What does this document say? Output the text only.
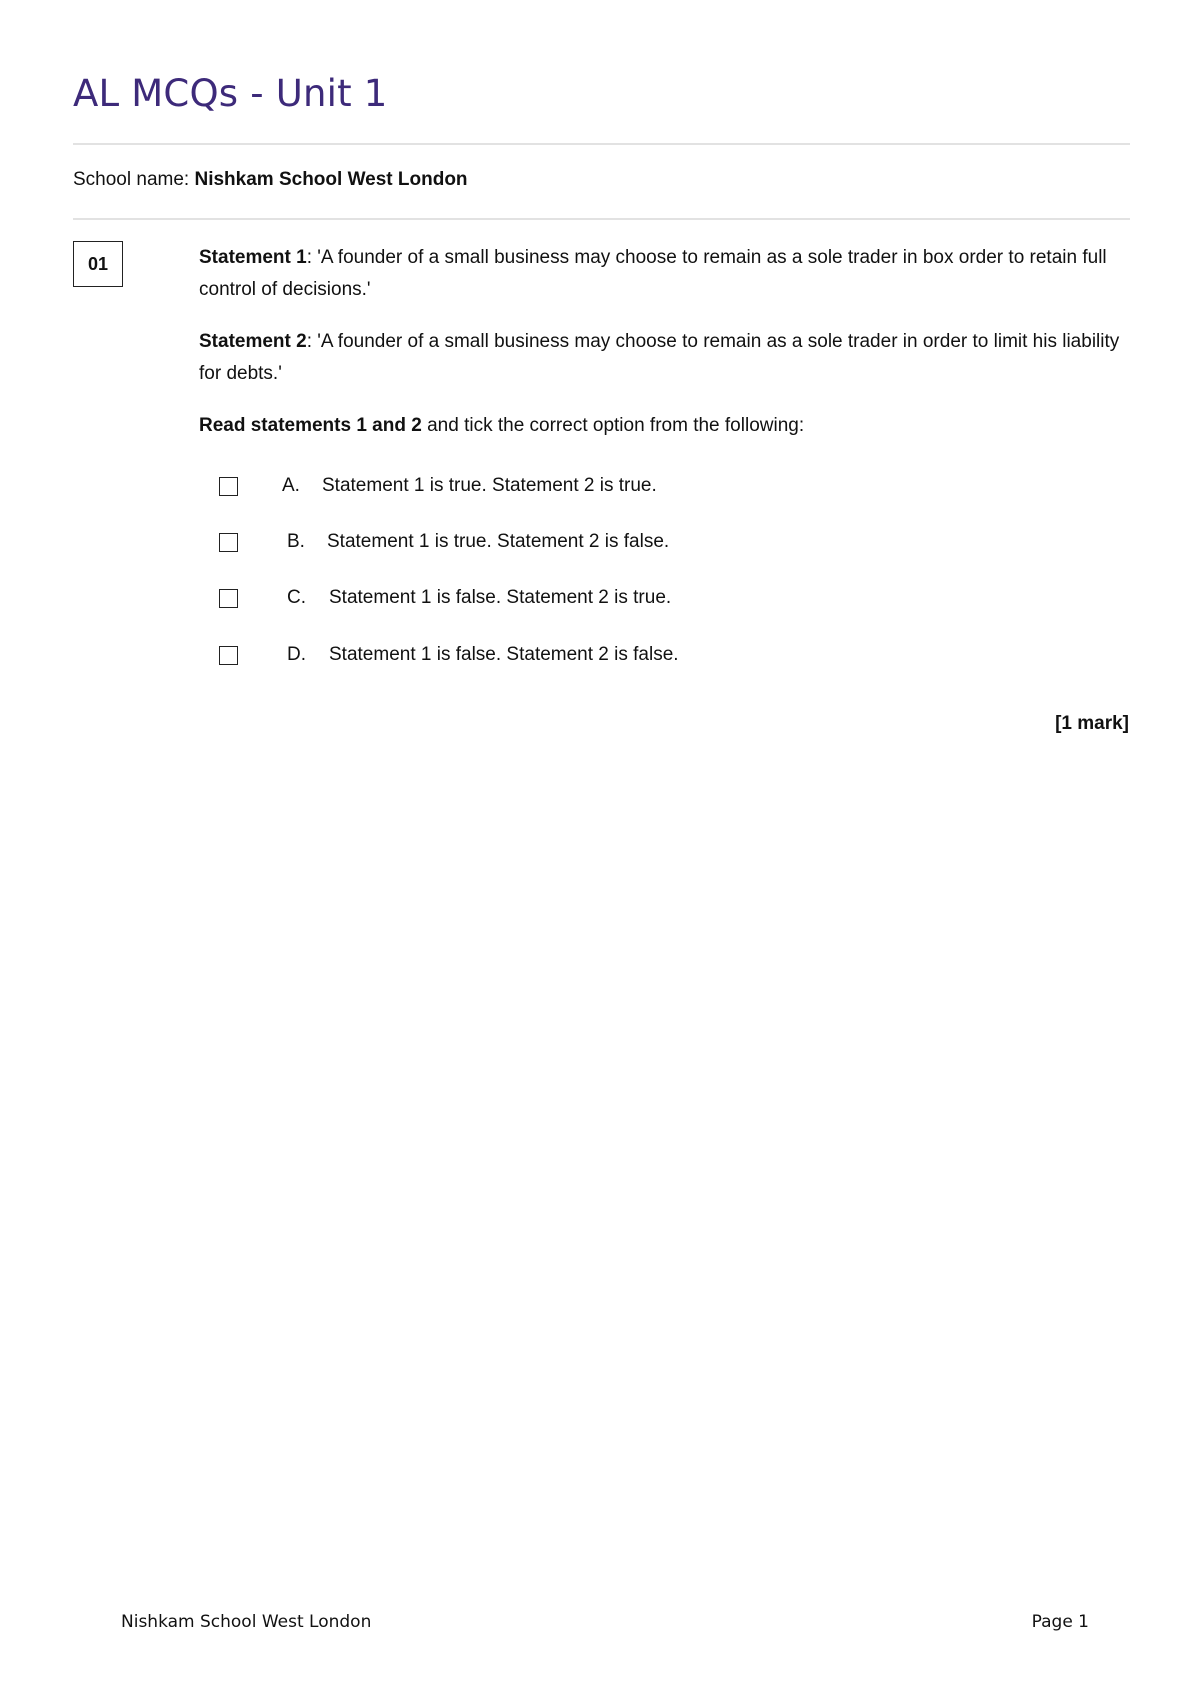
AL MCQs - Unit 1
School name: Nishkam School West London
01	Statement 1: 'A founder of a small business may choose to remain as a sole trader in box order to retain full control of decisions.'

Statement 2: 'A founder of a small business may choose to remain as a sole trader in order to limit his liability for debts.'

Read statements 1 and 2 and tick the correct option from the following:

A. Statement 1 is true. Statement 2 is true.
B. Statement 1 is true. Statement 2 is false.
C. Statement 1 is false. Statement 2 is true.
D. Statement 1 is false. Statement 2 is false.
[1 mark]
Nishkam School West London	Page 1
